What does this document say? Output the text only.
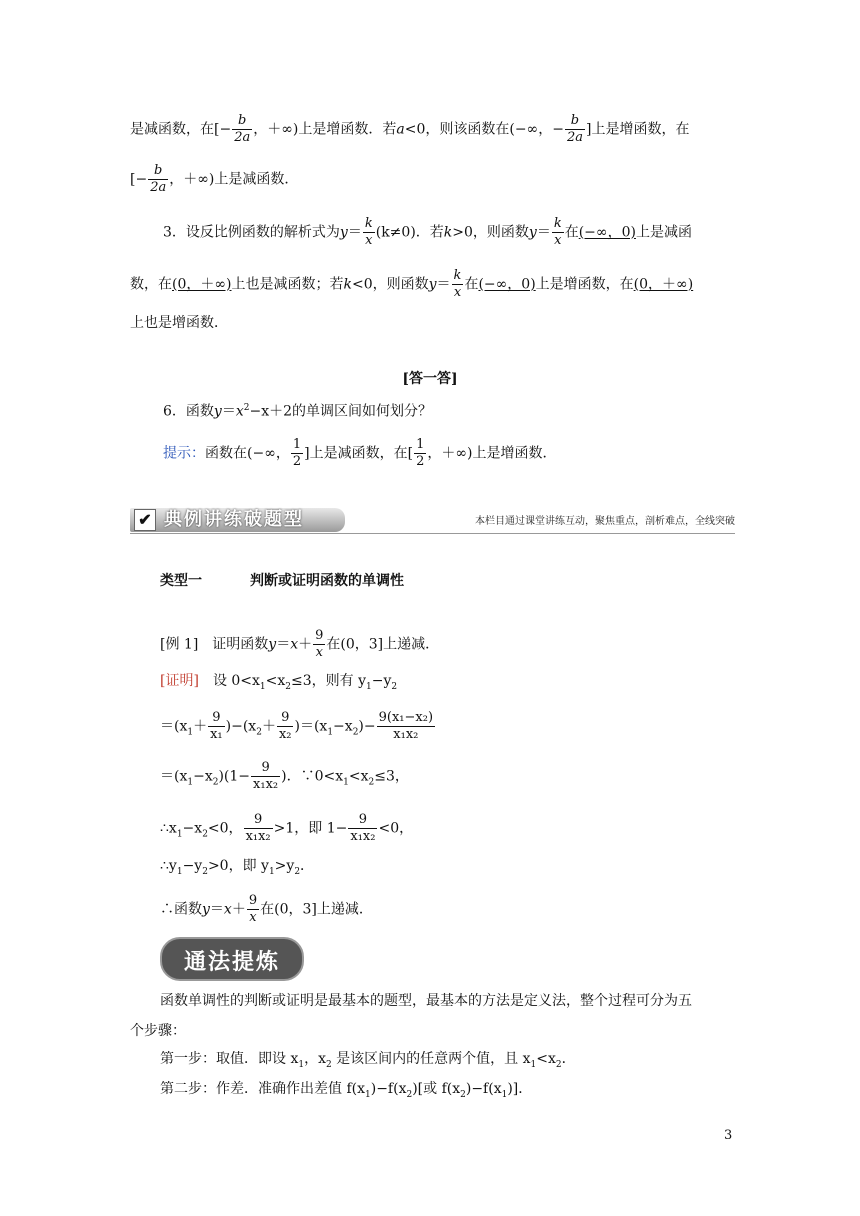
是减函数，在[− $\frac{b}{2a}$ ，＋∞)上是增函数．若a<0，则该函数在(−∞，− $\frac{b}{2a}$ ]上是增函数，在
[− $\frac{b}{2a}$ ，＋∞)上是减函数．
3．设反比例函数的解析式为$y= \frac{k}{x} (k\ne 0)$．若k>0，则函数$y= \frac{k}{x}$ 在(−∞，0)上是减函
数，在(0，＋∞)上也是减函数；若k<0，则函数$y= \frac{k}{x}$ 在(−∞，0)上是增函数，在(0，＋∞)
上也是增函数．
[答一答]
6．函数$y=x^2-x+2$的单调区间如何划分？
提示：函数在(−∞， $\frac{1}{2}$ ]上是减函数，在[ $\frac{1}{2}$ ，＋∞)上是增函数．
✔ 典例讲练破题型	本栏目通过课堂讲练互动，聚焦重点，剖析难点，全线突破
类型一	判断或证明函数的单调性
[例 1]　证明函数$y=x+ \frac{9}{x}$ 在(0，3]上递减．
[证明]　 设 $0<x_1<x_2\le 3$，则有 $y_1-y_2$
$=(x_1+ \frac{9}{\text{x₁}} )-(x_2+ \frac{9}{\text{x₂}} )=(x_1-x_2)- \frac{\text{9(x₁−x₂)}}{\text{x₁x₂}}$
$=(x_1-x_2)(1- \frac{9}{\text{x₁x₂}}$ )．$\because 0<x_1<x_2\le 3$，
$\therefore x_1-x_2<0$， $\frac{9}{\text{x₁x₂}} >1$，即 $1- \frac{9}{\text{x₁x₂}} <0$，
$\therefore y_1-y_2>0$，即 $y_1>y_2$．
∴函数$y=x+ \frac{9}{x}$ 在(0，3]上递减．
通法提炼
函数单调性的判断或证明是最基本的题型，最基本的方法是定义法，整个过程可分为五
个步骤：
第一步：取值．即设 $x_1$，$x_2$ 是该区间内的任意两个值，且 $x_1<x_2$．
第二步：作差．准确作出差值 $f(x_1)-f(x_2)$[或 $f(x_2)-f(x_1)$]．
3
